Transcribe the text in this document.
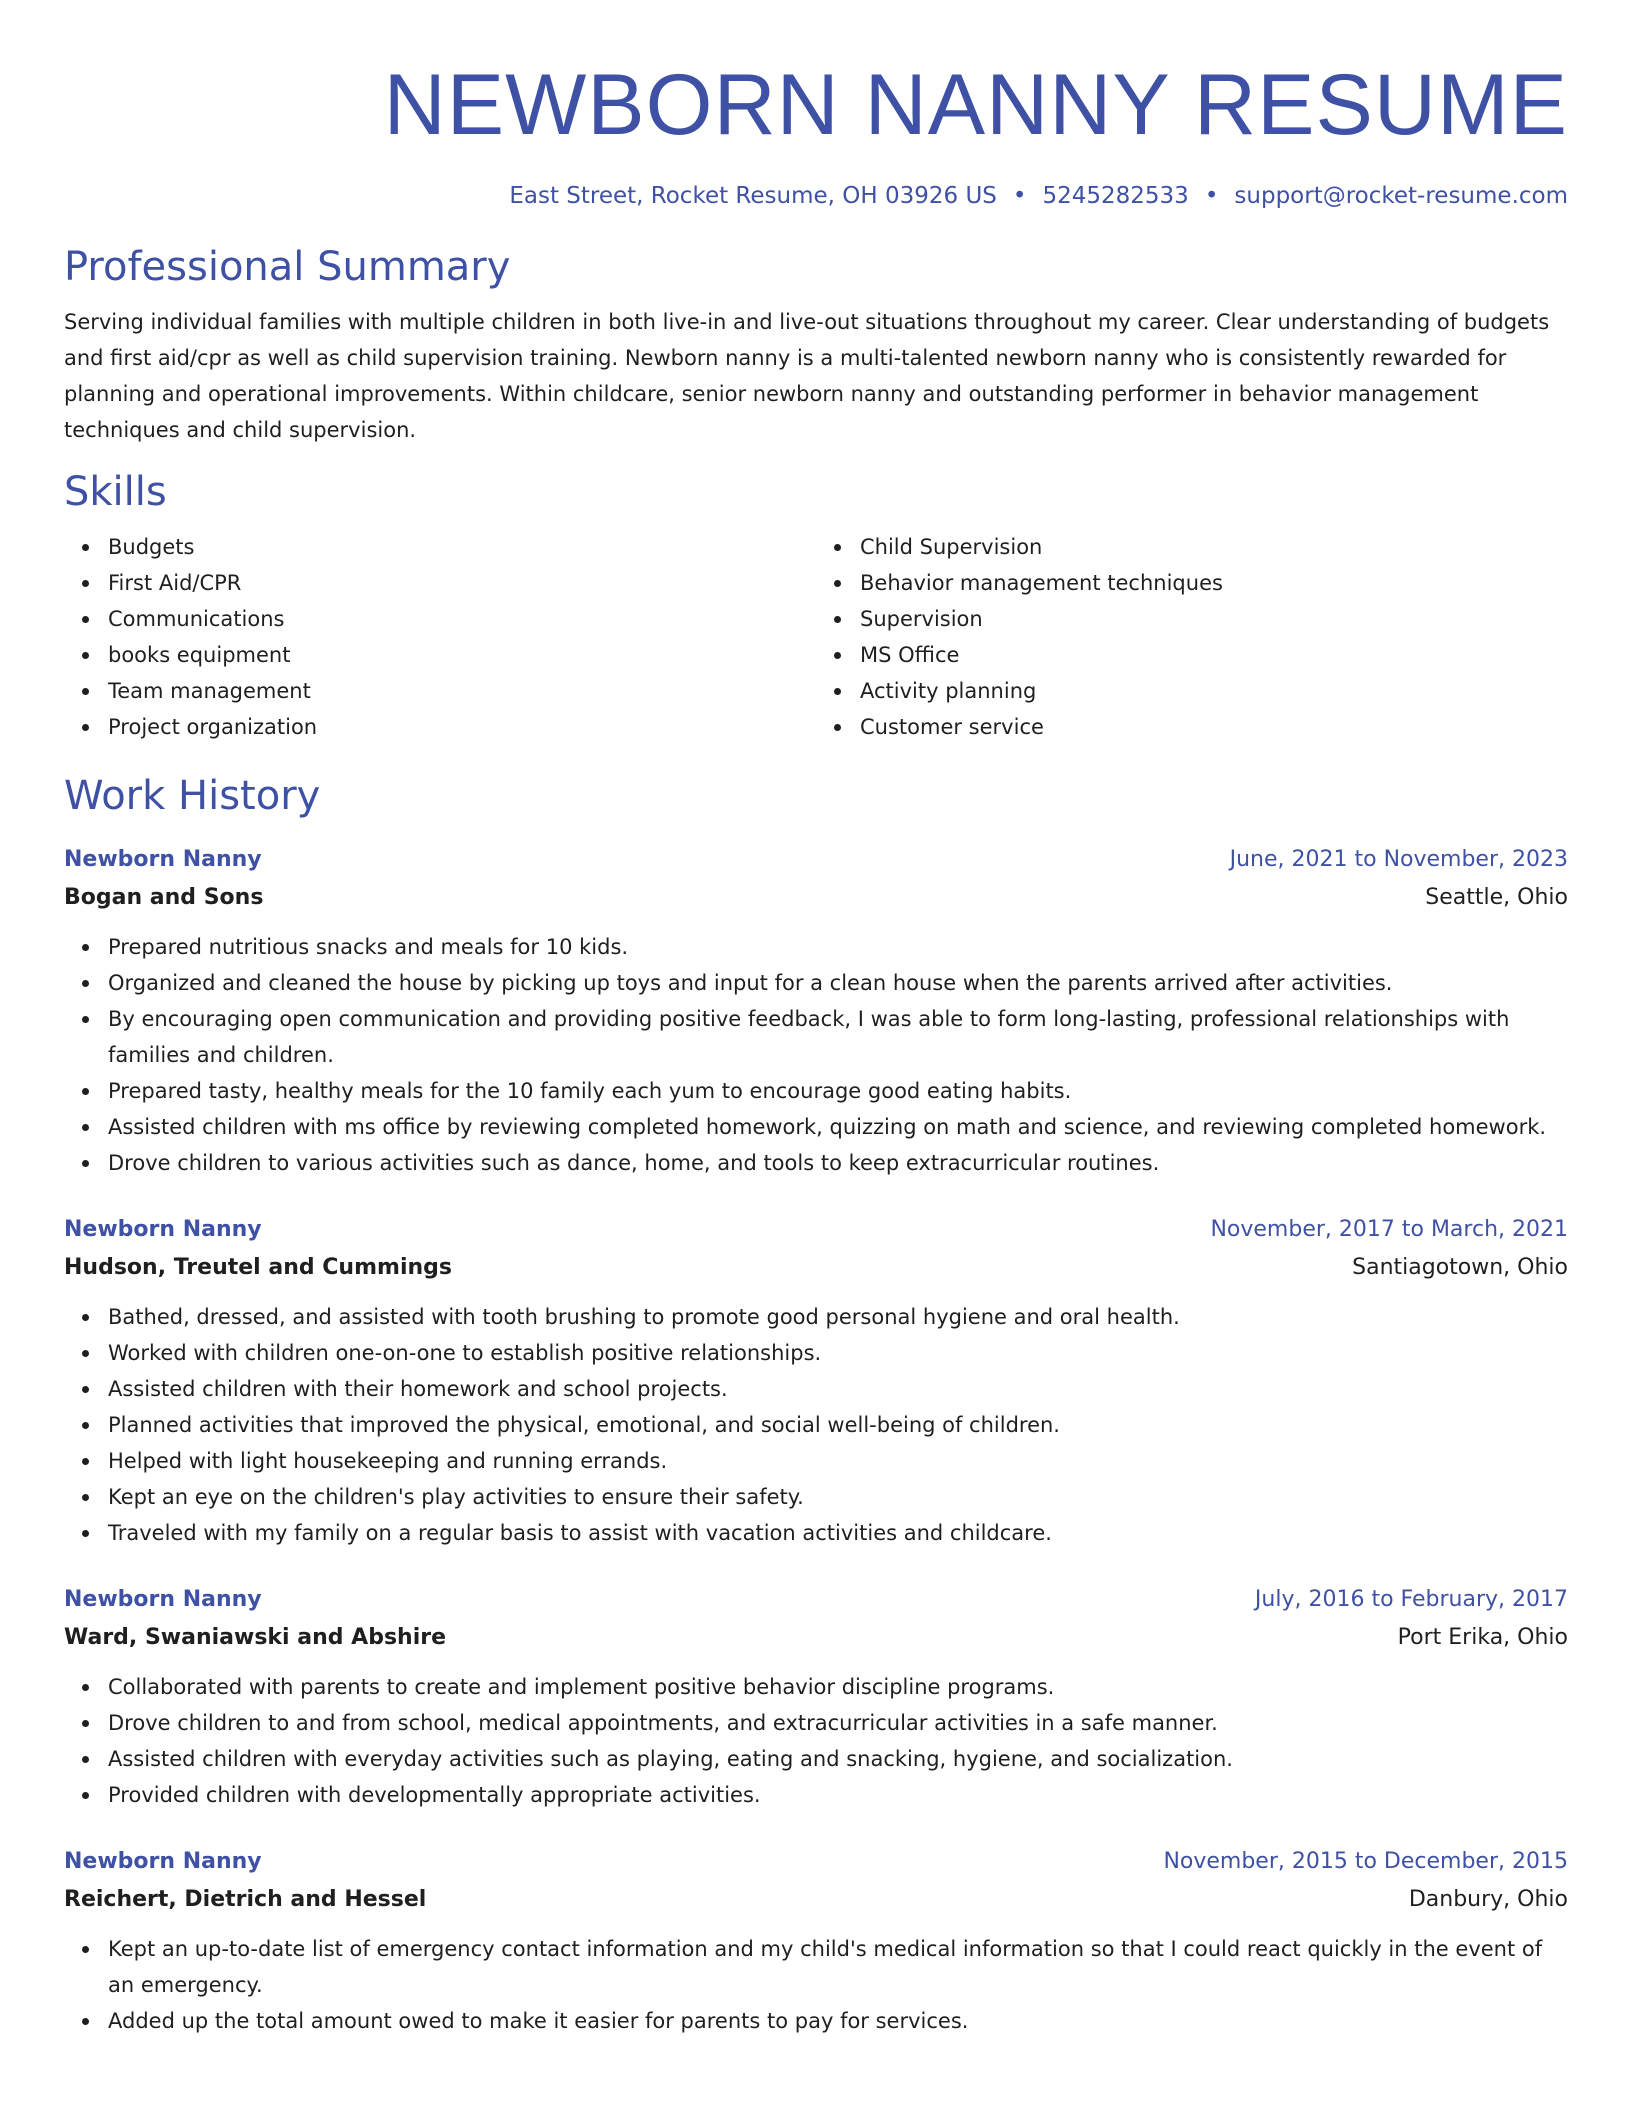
NEWBORN NANNY RESUME
East Street, Rocket Resume, OH 03926 US • 5245282533 • support@rocket-resume.com
Professional Summary

Serving individual families with multiple children in both live-in and live-out situations throughout my career. Clear understanding of budgets and first aid/cpr as well as child supervision training. Newborn nanny is a multi-talented newborn nanny who is consistently rewarded for planning and operational improvements. Within childcare, senior newborn nanny and outstanding performer in behavior management techniques and child supervision.

Skills
Budgets
First Aid/CPR
Communications
books equipment
Team management
Project organization
Child Supervision
Behavior management techniques
Supervision
MS Office
Activity planning
Customer service
Work History
Newborn Nanny	June, 2021 to November, 2023
Bogan and Sons	Seattle, Ohio
Prepared nutritious snacks and meals for 10 kids.
Organized and cleaned the house by picking up toys and input for a clean house when the parents arrived after activities.
By encouraging open communication and providing positive feedback, I was able to form long-lasting, professional relationships with families and children.
Prepared tasty, healthy meals for the 10 family each yum to encourage good eating habits.
Assisted children with ms office by reviewing completed homework, quizzing on math and science, and reviewing completed homework.
Drove children to various activities such as dance, home, and tools to keep extracurricular routines.
Newborn Nanny	November, 2017 to March, 2021
Hudson, Treutel and Cummings	Santiagotown, Ohio
Bathed, dressed, and assisted with tooth brushing to promote good personal hygiene and oral health.
Worked with children one-on-one to establish positive relationships.
Assisted children with their homework and school projects.
Planned activities that improved the physical, emotional, and social well-being of children.
Helped with light housekeeping and running errands.
Kept an eye on the children's play activities to ensure their safety.
Traveled with my family on a regular basis to assist with vacation activities and childcare.
Newborn Nanny	July, 2016 to February, 2017
Ward, Swaniawski and Abshire	Port Erika, Ohio
Collaborated with parents to create and implement positive behavior discipline programs.
Drove children to and from school, medical appointments, and extracurricular activities in a safe manner.
Assisted children with everyday activities such as playing, eating and snacking, hygiene, and socialization.
Provided children with developmentally appropriate activities.
Newborn Nanny	November, 2015 to December, 2015
Reichert, Dietrich and Hessel	Danbury, Ohio
Kept an up-to-date list of emergency contact information and my child's medical information so that I could react quickly in the event of an emergency.
Added up the total amount owed to make it easier for parents to pay for services.
